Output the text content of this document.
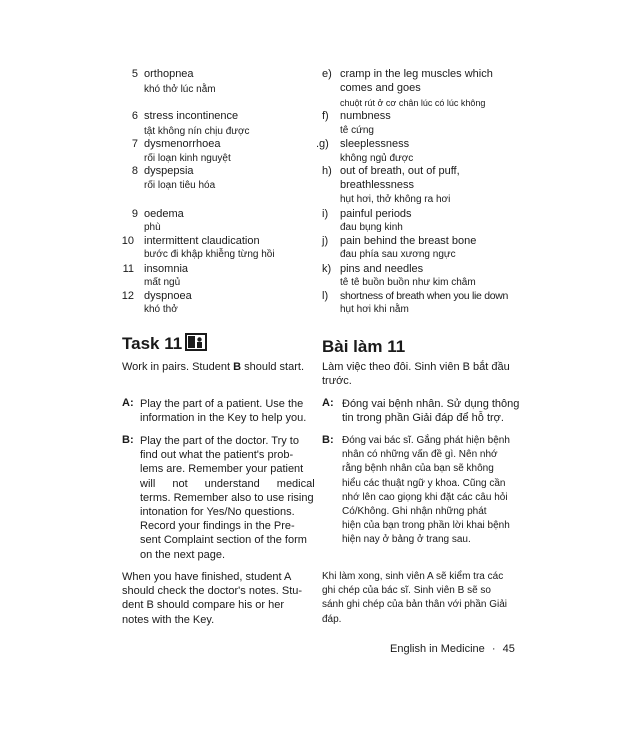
5 orthopnea
khó thở lúc nằm
6 stress incontinence
tật không nín chịu được
7 dysmenorrhoea
rối loạn kinh nguyệt
8 dyspepsia
rối loạn tiêu hóa
9 oedema
phù
10 intermittent claudication
bước đi khập khiễng từng hồi
11 insomnia
mất ngủ
12 dyspnoea
khó thở
e) cramp in the leg muscles which
comes and goes
chuột rút ở cơ chân lúc có lúc không
f) numbness
tê cứng
.g) sleeplessness
không ngủ được
h) out of breath, out of puff,
breathlessness
hụt hơi, thở không ra hơi
i) painful periods
đau bụng kinh
j) pain behind the breast bone
đau phía sau xương ngực
k) pins and needles
tê tê buồn buồn như kim châm
l) shortness of breath when you lie down
hụt hơi khi nằm
Task 11	Bài làm 11
Work in pairs. Student B should start. Làm việc theo đôi. Sinh viên B bắt đầu
trước.
A: Play the part of a patient. Use the
information in the Key to help you.
A: Đóng vai bệnh nhân. Sử dụng thông
tin trong phần Giải đáp để hỗ trợ.
B: Play the part of the doctor. Try to
find out what the patient's prob-
lems are. Remember your patient
will not understand medical
terms. Remember also to use rising
intonation for Yes/No questions.
Record your findings in the Pre-
sent Complaint section of the form
on the next page.
B: Đóng vai bác sĩ. Gắng phát hiện bệnh
nhân có những vấn đề gì. Nên nhớ
rằng bệnh nhân của bạn sẽ không
hiểu các thuật ngữ y khoa. Cũng cần
nhớ lên cao giọng khi đặt các câu hỏi
Có/Không. Ghi nhận những phát
hiện của bạn trong phần lời khai bệnh
hiện nay ở bảng ở trang sau.
When you have finished, student A
should check the doctor's notes. Stu-
dent B should compare his or her
notes with the Key.
Khi làm xong, sinh viên A sẽ kiểm tra các
ghi chép của bác sĩ. Sinh viên B sẽ so
sánh ghi chép của bản thân với phần Giải
đáp.
English in Medicine · 45
